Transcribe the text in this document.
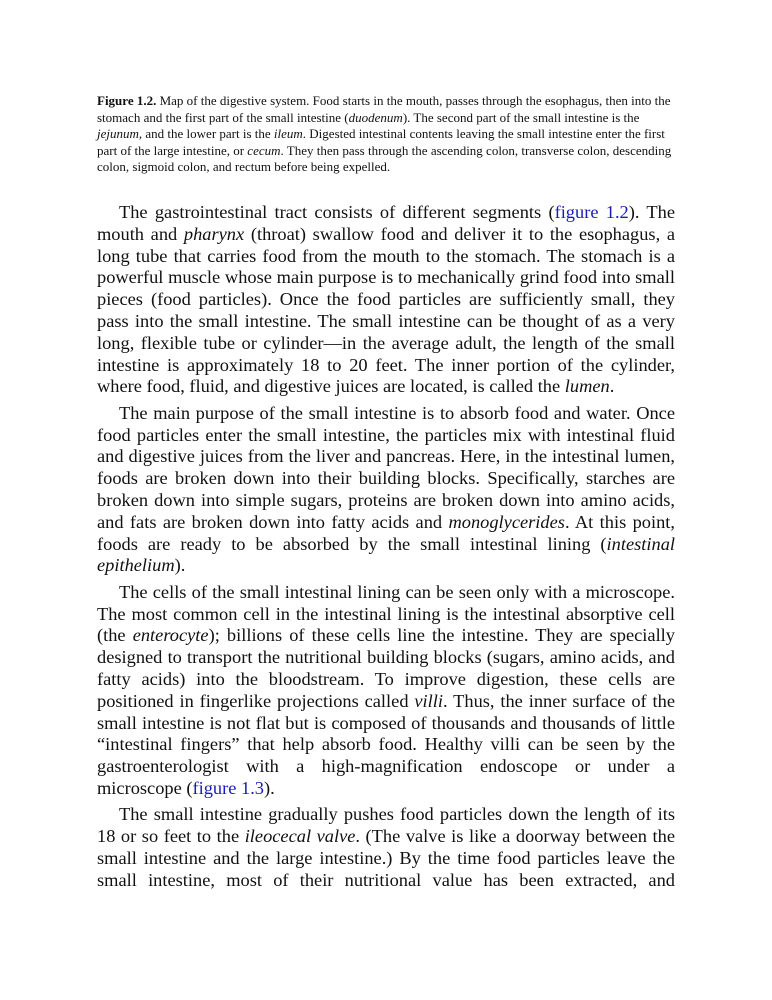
Figure 1.2. Map of the digestive system. Food starts in the mouth, passes through the esophagus, then into the stomach and the first part of the small intestine (duodenum). The second part of the small intestine is the jejunum, and the lower part is the ileum. Digested intestinal contents leaving the small intestine enter the first part of the large intestine, or cecum. They then pass through the ascending colon, transverse colon, descending colon, sigmoid colon, and rectum before being expelled.

The gastrointestinal tract consists of different segments (figure 1.2). The mouth and pharynx (throat) swallow food and deliver it to the esophagus, a long tube that carries food from the mouth to the stomach. The stomach is a powerful muscle whose main purpose is to mechanically grind food into small pieces (food particles). Once the food particles are sufficiently small, they pass into the small intestine. The small intestine can be thought of as a very long, flexible tube or cylinder—in the average adult, the length of the small intestine is approximately 18 to 20 feet. The inner portion of the cylinder, where food, fluid, and digestive juices are located, is called the lumen.

The main purpose of the small intestine is to absorb food and water. Once food particles enter the small intestine, the particles mix with intestinal fluid and digestive juices from the liver and pancreas. Here, in the intestinal lumen, foods are broken down into their building blocks. Specifically, starches are broken down into simple sugars, proteins are broken down into amino acids, and fats are broken down into fatty acids and monoglycerides. At this point, foods are ready to be absorbed by the small intestinal lining (intestinal epithelium).

The cells of the small intestinal lining can be seen only with a microscope. The most common cell in the intestinal lining is the intestinal absorptive cell (the enterocyte); billions of these cells line the intestine. They are specially designed to transport the nutritional building blocks (sugars, amino acids, and fatty acids) into the bloodstream. To improve digestion, these cells are positioned in fingerlike projections called villi. Thus, the inner surface of the small intestine is not flat but is composed of thousands and thousands of little “intestinal fingers” that help absorb food. Healthy villi can be seen by the gastroenterologist with a high-magnification endoscope or under a microscope (figure 1.3).

The small intestine gradually pushes food particles down the length of its 18 or so feet to the ileocecal valve. (The valve is like a doorway between the small intestine and the large intestine.) By the time food particles leave the small intestine, most of their nutritional value has been extracted, and
